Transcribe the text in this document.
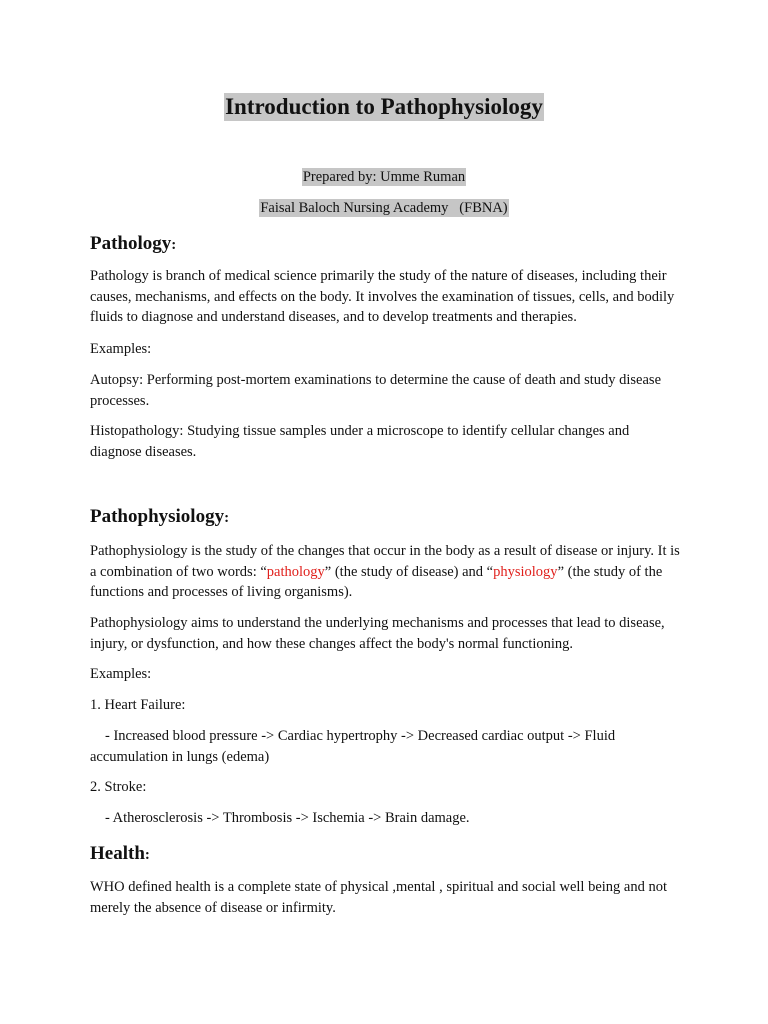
Introduction to Pathophysiology
Prepared by: Umme Ruman
Faisal Baloch Nursing Academy   (FBNA)
Pathology:
Pathology is branch of medical science primarily the study of the nature of diseases, including their causes, mechanisms, and effects on the body. It involves the examination of tissues, cells, and bodily fluids to diagnose and understand diseases, and to develop treatments and therapies.
Examples:
Autopsy: Performing post-mortem examinations to determine the cause of death and study disease processes.
Histopathology: Studying tissue samples under a microscope to identify cellular changes and diagnose diseases.
Pathophysiology:
Pathophysiology is the study of the changes that occur in the body as a result of disease or injury. It is a combination of two words: “pathology” (the study of disease) and “physiology” (the study of the functions and processes of living organisms).
Pathophysiology aims to understand the underlying mechanisms and processes that lead to disease, injury, or dysfunction, and how these changes affect the body's normal functioning.
Examples:
1. Heart Failure:
- Increased blood pressure -> Cardiac hypertrophy -> Decreased cardiac output -> Fluid accumulation in lungs (edema)
2. Stroke:
- Atherosclerosis -> Thrombosis -> Ischemia -> Brain damage.
Health:
WHO defined health is a complete state of physical ,mental , spiritual and social well being and not merely the absence of disease or infirmity.
